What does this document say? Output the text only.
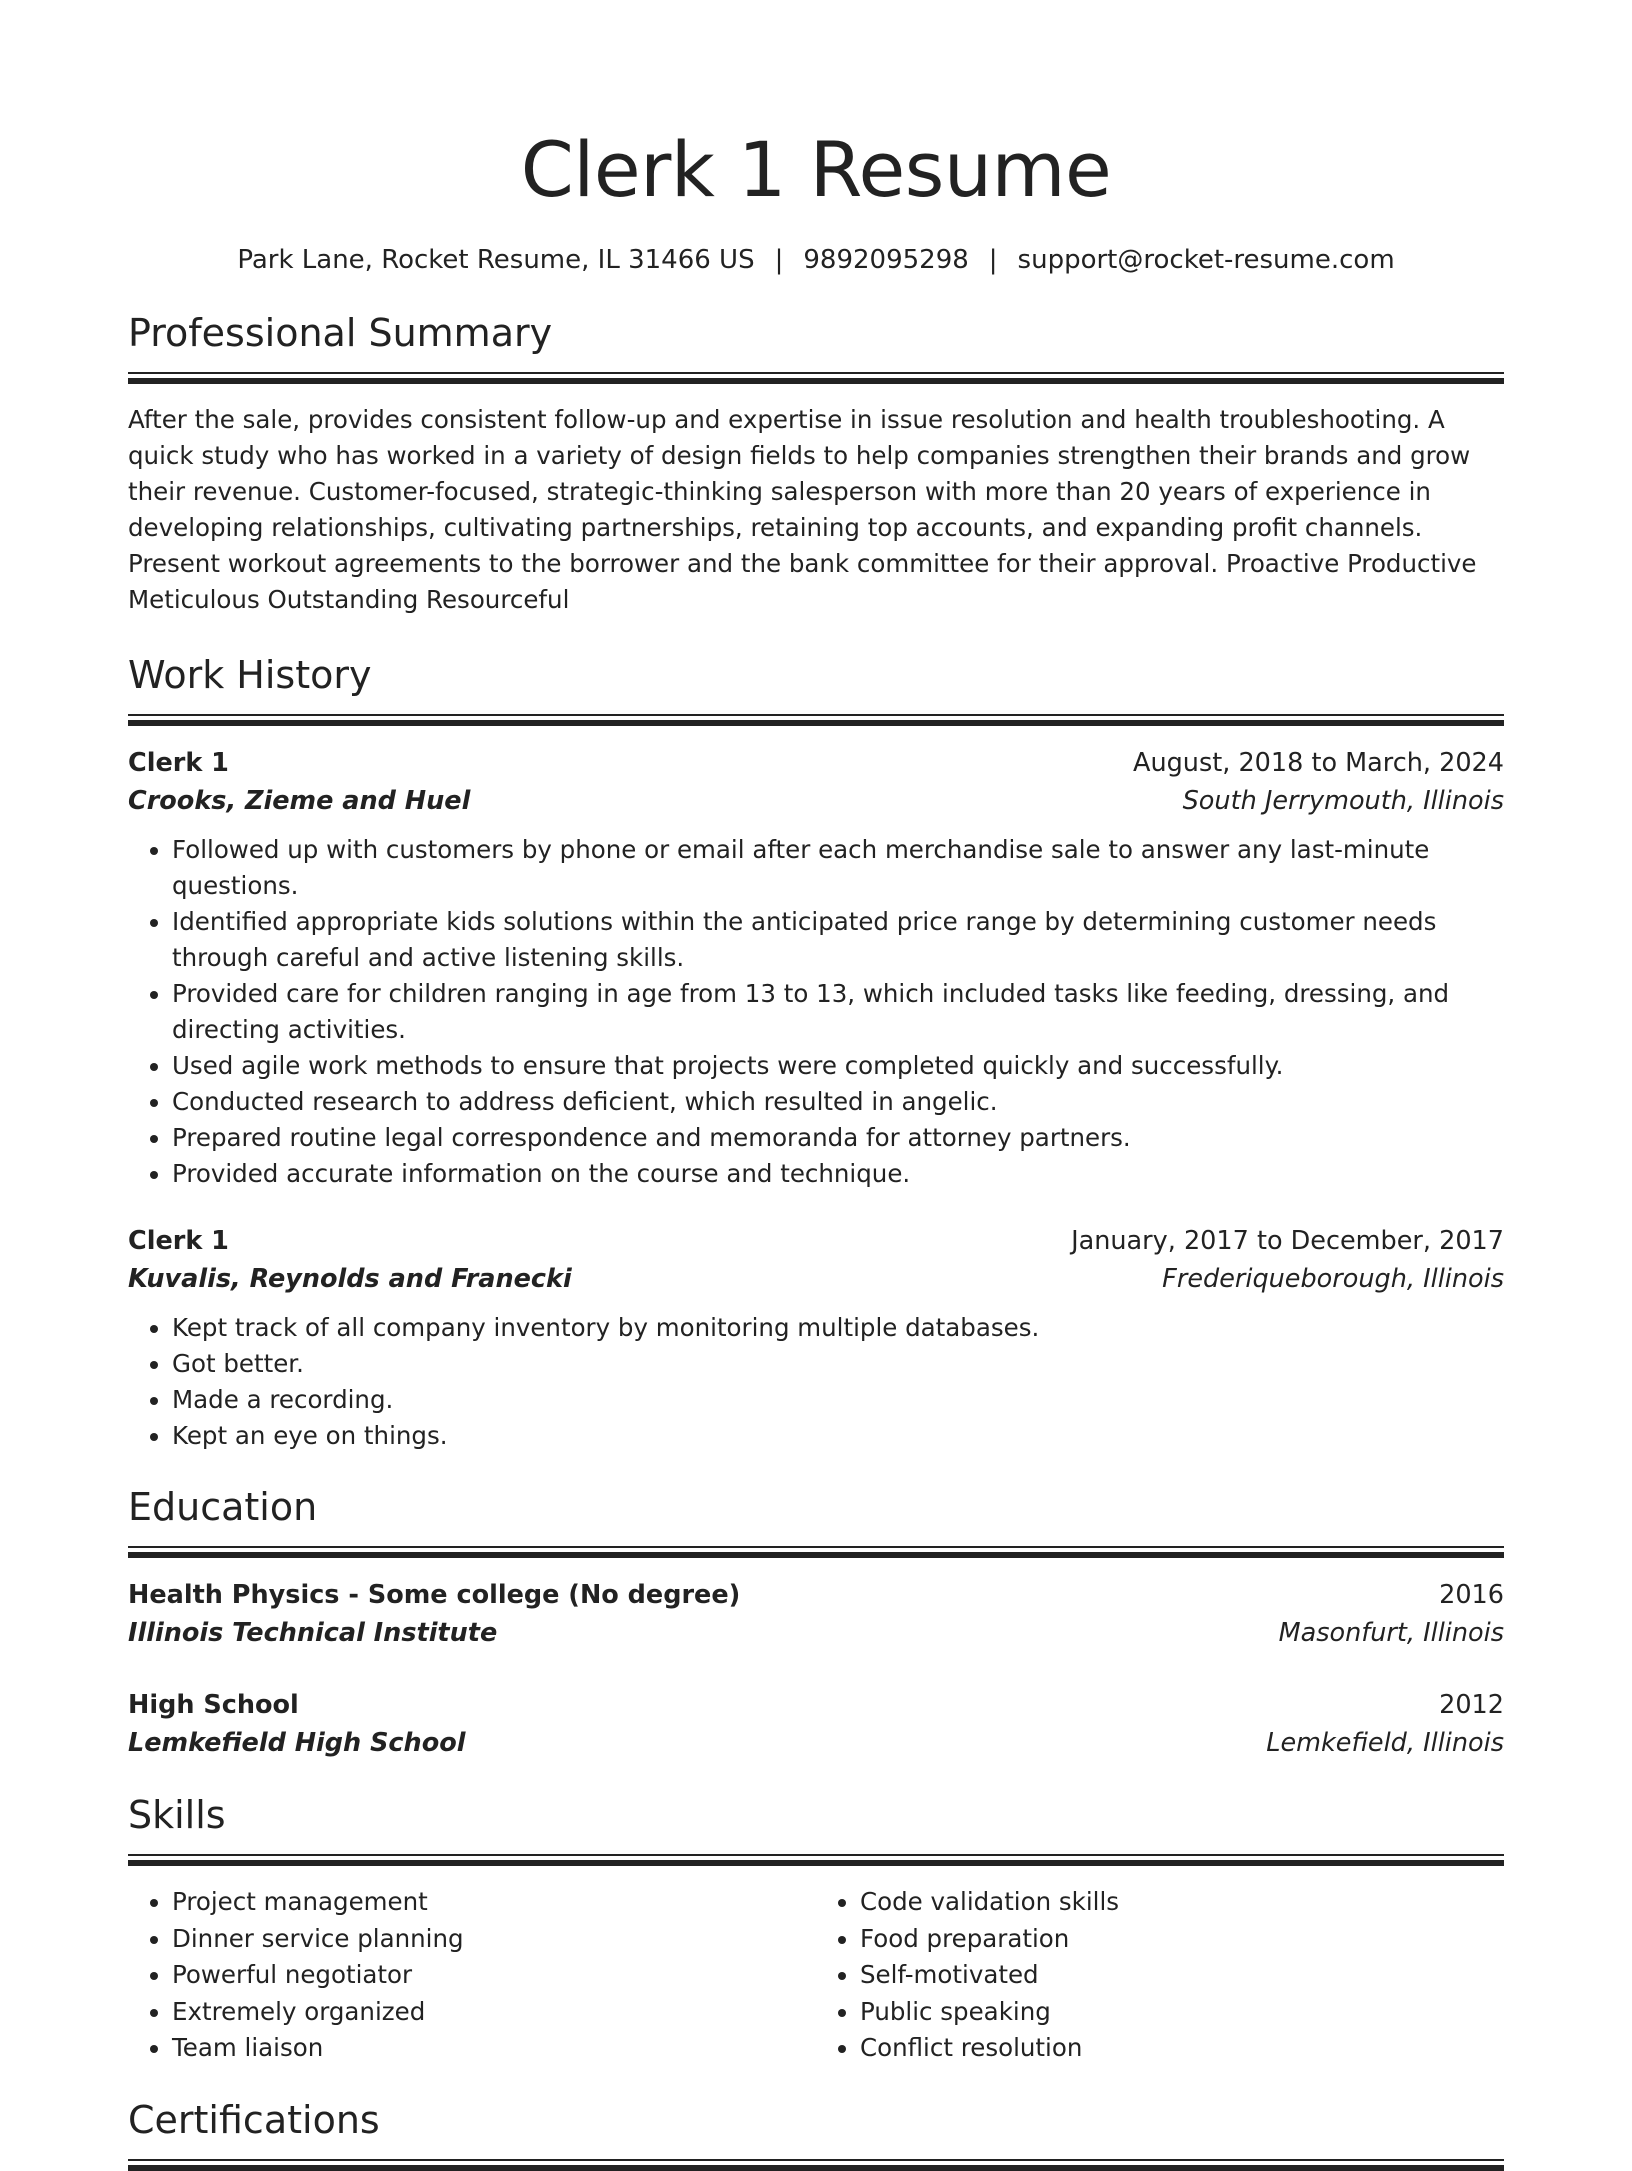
Clerk 1 Resume
Park Lane, Rocket Resume, IL 31466 US | 9892095298 | support@rocket-resume.com
Professional Summary

After the sale, provides consistent follow-up and expertise in issue resolution and health troubleshooting. A quick study who has worked in a variety of design fields to help companies strengthen their brands and grow their revenue. Customer-focused, strategic-thinking salesperson with more than 20 years of experience in developing relationships, cultivating partnerships, retaining top accounts, and expanding profit channels. Present workout agreements to the borrower and the bank committee for their approval. Proactive Productive Meticulous Outstanding Resourceful

Work History
Clerk 1	August, 2018 to March, 2024
Crooks, Zieme and Huel	South Jerrymouth, Illinois
• Followed up with customers by phone or email after each merchandise sale to answer any last-minute questions.
• Identified appropriate kids solutions within the anticipated price range by determining customer needs through careful and active listening skills.
• Provided care for children ranging in age from 13 to 13, which included tasks like feeding, dressing, and directing activities.
• Used agile work methods to ensure that projects were completed quickly and successfully.
• Conducted research to address deficient, which resulted in angelic.
• Prepared routine legal correspondence and memoranda for attorney partners.
• Provided accurate information on the course and technique.
Clerk 1	January, 2017 to December, 2017
Kuvalis, Reynolds and Franecki	Frederiqueborough, Illinois
• Kept track of all company inventory by monitoring multiple databases.
• Got better.
• Made a recording.
• Kept an eye on things.
Education
Health Physics - Some college (No degree)	2016
Illinois Technical Institute	Masonfurt, Illinois
High School	2012
Lemkefield High School	Lemkefield, Illinois
Skills
• Project management
• Dinner service planning
• Powerful negotiator
• Extremely organized
• Team liaison
• Code validation skills
• Food preparation
• Self-motivated
• Public speaking
• Conflict resolution
Certifications
